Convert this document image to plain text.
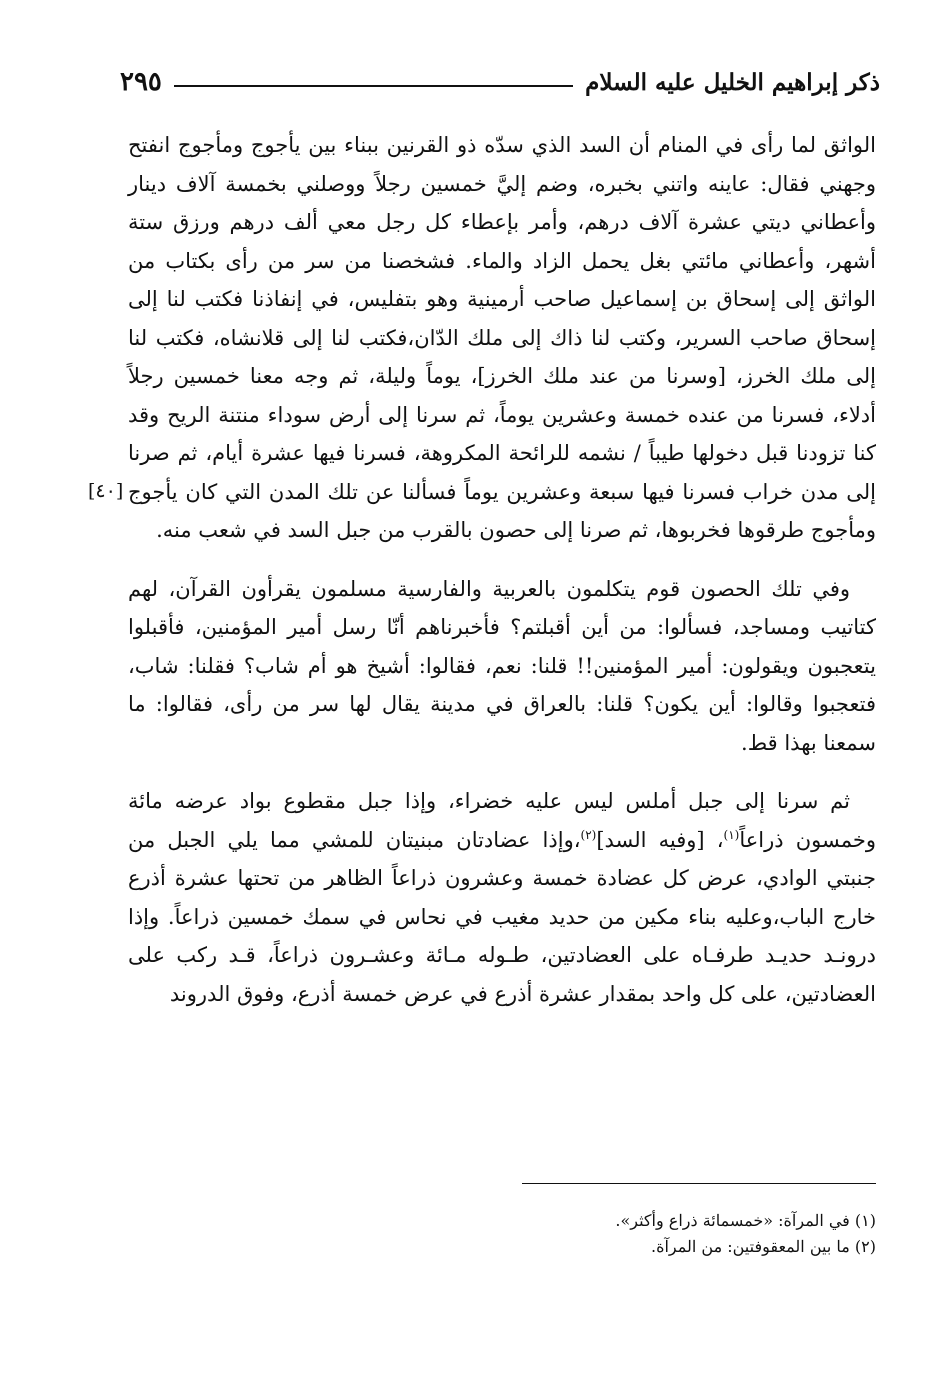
ذكر إبراهيم الخليل عليه السلام
٢٩٥
[٤٠]

الواثق لما رأى في المنام أن السد الذي سدّه ذو القرنين ببناء بين يأجوج ومأجوج انفتح وجهني فقال: عاينه واتني بخبره، وضم إليَّ خمسين رجلاً ووصلني بخمسة آلاف دينار وأعطاني ديتي عشرة آلاف درهم، وأمر بإعطاء كل رجل معي ألف درهم ورزق ستة أشهر، وأعطاني مائتي بغل يحمل الزاد والماء. فشخصنا من سر من رأى بكتاب من الواثق إلى إسحاق بن إسماعيل صاحب أرمينية وهو بتفليس، في إنفاذنا فكتب لنا إلى إسحاق صاحب السرير، وكتب لنا ذاك إلى ملك الدّان،فكتب لنا إلى قلانشاه، فكتب لنا إلى ملك الخرز، [وسرنا من عند ملك الخرز]، يوماً وليلة، ثم وجه معنا خمسين رجلاً أدلاء، فسرنا من عنده خمسة وعشرين يوماً، ثم سرنا إلى أرض سوداء منتنة الريح وقد كنا تزودنا قبل دخولها طيباً / نشمه للرائحة المكروهة، فسرنا فيها عشرة أيام، ثم صرنا إلى مدن خراب فسرنا فيها سبعة وعشرين يوماً فسألنا عن تلك المدن التي كان يأجوج ومأجوج طرقوها فخربوها، ثم صرنا إلى حصون بالقرب من جبل السد في شعب منه.

وفي تلك الحصون قوم يتكلمون بالعربية والفارسية مسلمون يقرأون القرآن، لهم كتاتيب ومساجد، فسألوا: من أين أقبلتم؟ فأخبرناهم أنّا رسل أمير المؤمنين، فأقبلوا يتعجبون ويقولون: أمير المؤمنين!! قلنا: نعم، فقالوا: أشيخ هو أم شاب؟ فقلنا: شاب، فتعجبوا وقالوا: أين يكون؟ قلنا: بالعراق في مدينة يقال لها سر من رأى، فقالوا: ما سمعنا بهذا قط.

ثم سرنا إلى جبل أملس ليس عليه خضراء، وإذا جبل مقطوع بواد عرضه مائة وخمسون ذراعاً$^{(١)}$، [وفيه السد]$^{(٢)}$،وإذا عضادتان مبنيتان للمشي مما يلي الجبل من جنبتي الوادي، عرض كل عضادة خمسة وعشرون ذراعاً الظاهر من تحتها عشرة أذرع خارج الباب،وعليه بناء مكين من حديد مغيب في نحاس في سمك خمسين ذراعاً. وإذا درونـد حديـد طرفـاه على العضادتين، طـوله مـائة وعشـرون ذراعاً، قـد ركب على العضادتين، على كل واحد بمقدار عشرة أذرع في عرض خمسة أذرع، وفوق الدروند

(١) في المرآة: «خمسمائة ذراع وأكثر».

(٢) ما بين المعقوفتين: من المرآة.
